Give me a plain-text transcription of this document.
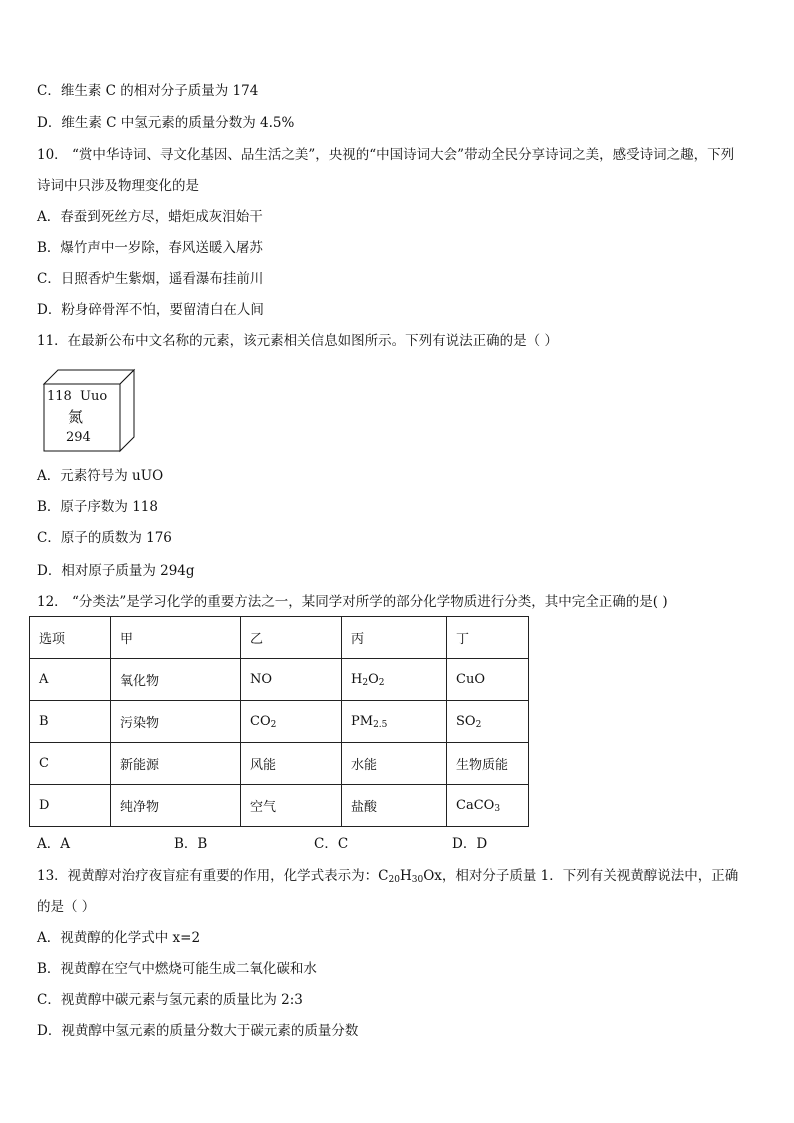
C．维生素 C 的相对分子质量为 174
D．维生素 C 中氢元素的质量分数为 4.5%
10． “赏中华诗词、寻文化基因、品生活之美”，央视的“中国诗词大会”带动全民分享诗词之美，感受诗词之趣，下列
诗词中只涉及物理变化的是
A．春蚕到死丝方尽，蜡炬成灰泪始干
B．爆竹声中一岁除，春风送暖入屠苏
C．日照香炉生紫烟，遥看瀑布挂前川
D．粉身碎骨浑不怕，要留清白在人间
11．在最新公布中文名称的元素，该元素相关信息如图所示。下列有说法正确的是（ ）
118 Uuo
氮
294
A．元素符号为 uUO
B．原子序数为 118
C．原子的质数为 176
D．相对原子质量为 294g
12． “分类法”是学习化学的重要方法之一，某同学对所学的部分化学物质进行分类，其中完全正确的是( )
选项	甲	乙	丙	丁
A	氧化物	NO	$H_2O_2$	CuO
B	污染物	$CO_2$	$PM_{2.5}$	$SO_2$
C	新能源	风能	水能	生物质能
D	纯净物	空气	盐酸	CaCO$_3$
A．A	B．B	C．C	D．D
13．视黄醇对治疗夜盲症有重要的作用，化学式表示为：$C_{20}H_{30}Ox$，相对分子质量 1．下列有关视黄醇说法中，正确
的是（ ）
A．视黄醇的化学式中 x=2
B．视黄醇在空气中燃烧可能生成二氧化碳和水
C．视黄醇中碳元素与氢元素的质量比为 2:3
D．视黄醇中氢元素的质量分数大于碳元素的质量分数
